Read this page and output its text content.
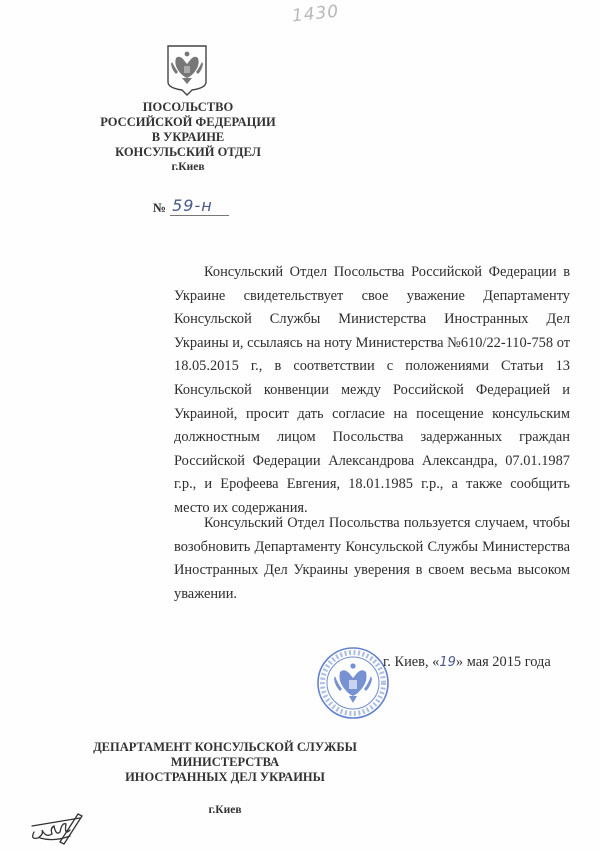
1430
ПОСОЛЬСТВО
РОССИЙСКОЙ ФЕДЕРАЦИИ
В УКРАИНЕ
КОНСУЛЬСКИЙ ОТДЕЛ
г.Киев
№ 59-н

Консульский Отдел Посольства Российской Федерации в Украине свидетельствует свое уважение Департаменту Консульской Службы Министерства Иностранных Дел Украины и, ссылаясь на ноту Министерства №610/22-110-758 от 18.05.2015 г., в соответствии с положениями Статьи 13 Консульской конвенции между Российской Федерацией и Украиной, просит дать согласие на посещение консульским должностным лицом Посольства задержанных граждан Российской Федерации Александрова Александра, 07.01.1987 г.р., и Ерофеева Евгения, 18.01.1985 г.р., а также сообщить место их содержания.

Консульский Отдел Посольства пользуется случаем, чтобы возобновить Департаменту Консульской Службы Министерства Иностранных Дел Украины уверения в своем весьма высоком уважении.

г. Киев, «19» мая 2015 года
ДЕПАРТАМЕНТ КОНСУЛЬСКОЙ СЛУЖБЫ
МИНИСТЕРСТВА
ИНОСТРАННЫХ ДЕЛ УКРАИНЫ
г.Киев
